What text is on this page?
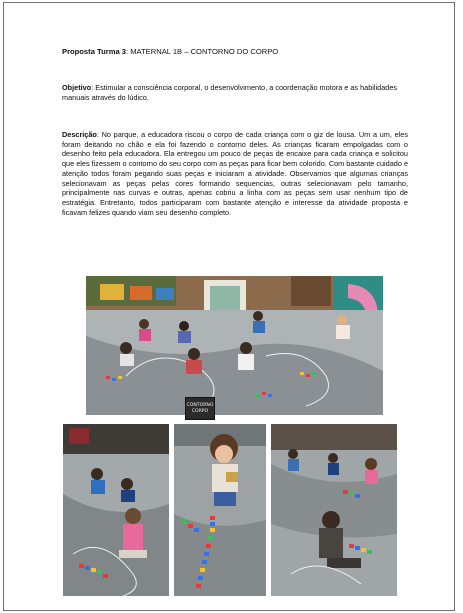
Proposta Turma 3: MATERNAL 1B – CONTORNO DO CORPO
Objetivo: Estimular a consciência corporal, o desenvolvimento, a coordenação motora e as habilidades manuais através do lúdico.
Descrição: No parque, a educadora riscou o corpo de cada criança com o giz de lousa. Um a um, eles foram deitando no chão e ela foi fazendo o contorno deles. As crianças ficaram empolgadas com o desenho feito pela educadora. Ela entregou um pouco de peças de encaixe para cada criança e solicitou que eles fizessem o contorno do seu corpo com as peças para ficar bem colorido. Com bastante cuidado e atenção todos foram pegando suas peças e iniciaram a atividade. Observamos que algumas crianças selecionavam as peças pelas cores formando sequencias, outras selecionavam pelo tamanho, principalmente nas curvas e outras, apenas cobriu a linha com as peças sem usar nenhum tipo de estratégia. Entretanto, todos participaram com bastante atenção e interesse da atividade proposta e ficavam felizes quando viam seu desenho completo.
CONTORNO
CORPO
